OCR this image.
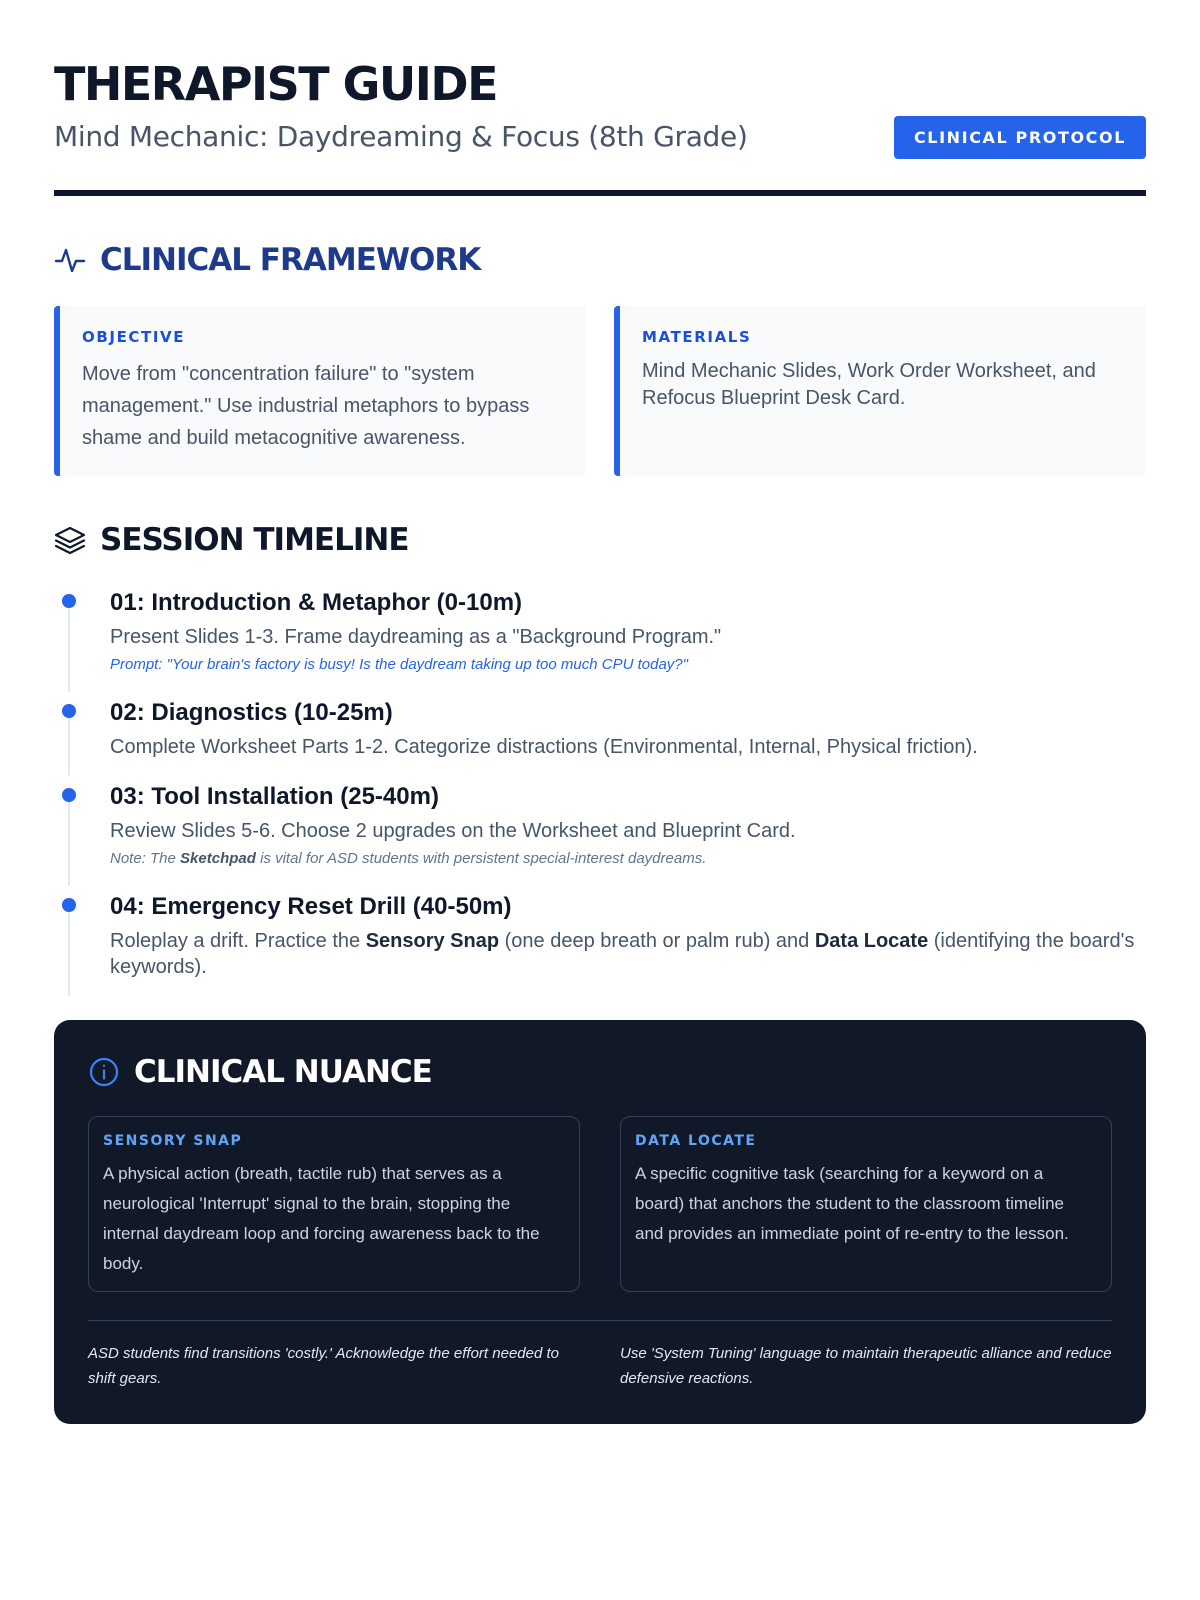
THERAPIST GUIDE
Mind Mechanic: Daydreaming & Focus (8th Grade)	CLINICAL PROTOCOL
CLINICAL FRAMEWORK
OBJECTIVE
Move from "concentration failure" to "system management." Use industrial metaphors to bypass shame and build metacognitive awareness.
MATERIALS
Mind Mechanic Slides, Work Order Worksheet, and Refocus Blueprint Desk Card.
SESSION TIMELINE
01: Introduction & Metaphor (0-10m)
Present Slides 1-3. Frame daydreaming as a "Background Program."
Prompt: "Your brain's factory is busy! Is the daydream taking up too much CPU today?"
02: Diagnostics (10-25m)
Complete Worksheet Parts 1-2. Categorize distractions (Environmental, Internal, Physical friction).
03: Tool Installation (25-40m)
Review Slides 5-6. Choose 2 upgrades on the Worksheet and Blueprint Card.
Note: The Sketchpad is vital for ASD students with persistent special-interest daydreams.
04: Emergency Reset Drill (40-50m)
Roleplay a drift. Practice the Sensory Snap (one deep breath or palm rub) and Data Locate (identifying the board's keywords).
CLINICAL NUANCE
SENSORY SNAP
A physical action (breath, tactile rub) that serves as a neurological 'Interrupt' signal to the brain, stopping the internal daydream loop and forcing awareness back to the body.
DATA LOCATE
A specific cognitive task (searching for a keyword on a board) that anchors the student to the classroom timeline and provides an immediate point of re-entry to the lesson.
ASD students find transitions 'costly.' Acknowledge the effort needed to shift gears.
Use 'System Tuning' language to maintain therapeutic alliance and reduce defensive reactions.
